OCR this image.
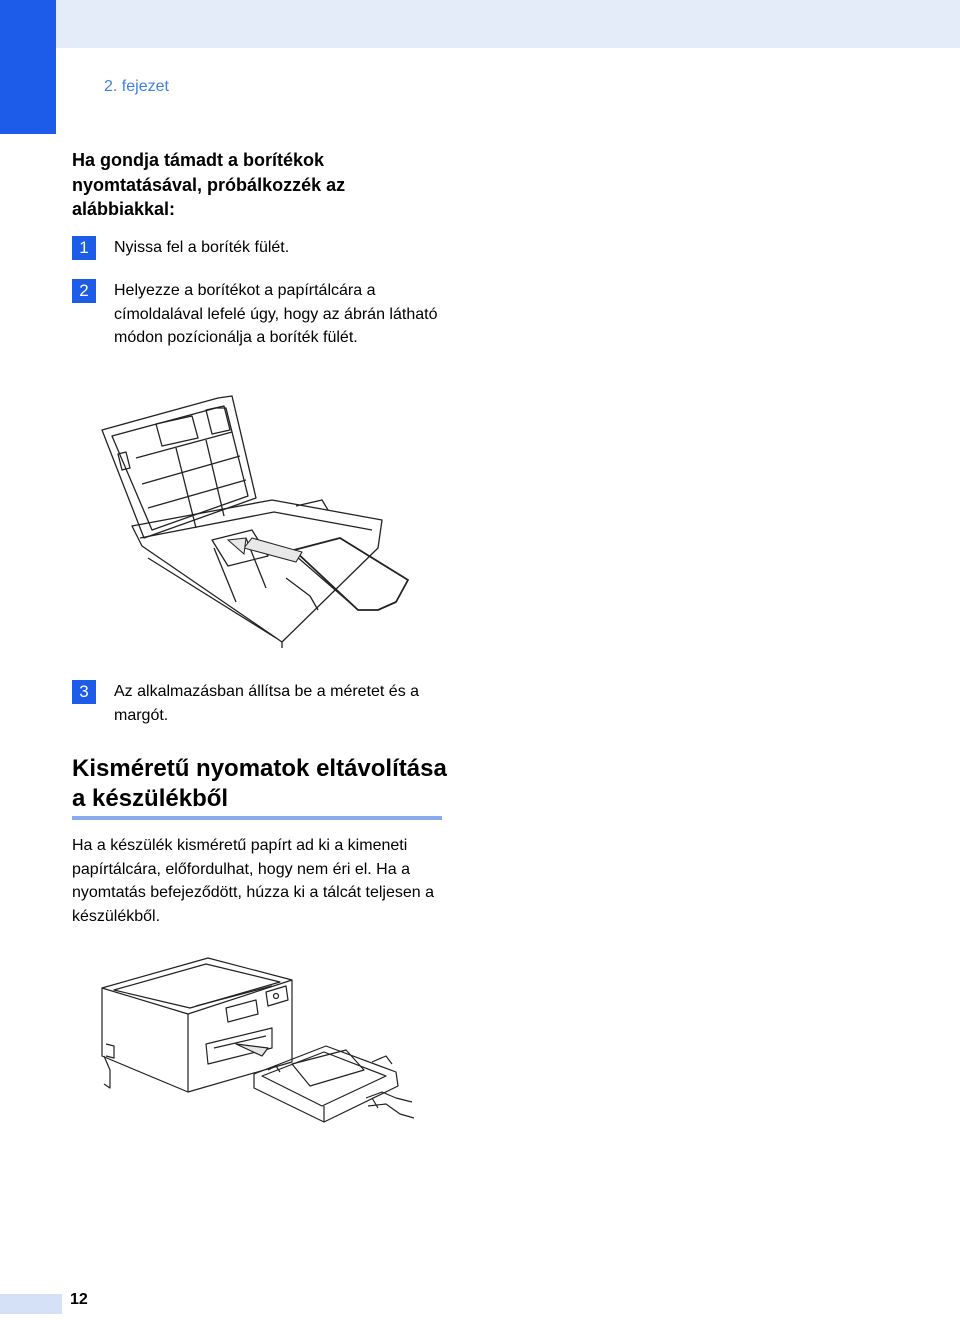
2. fejezet
Ha gondja támadt a borítékok nyomtatásával, próbálkozzék az alábbiakkal:
1	Nyissa fel a boríték fülét.
2	Helyezze a borítékot a papírtálcára a címoldalával lefelé úgy, hogy az ábrán látható módon pozícionálja a boríték fülét.
3	Az alkalmazásban állítsa be a méretet és a margót.
Kisméretű nyomatok eltávolítása a készülékből
Ha a készülék kisméretű papírt ad ki a kimeneti papírtálcára, előfordulhat, hogy nem éri el. Ha a nyomtatás befejeződött, húzza ki a tálcát teljesen a készülékből.
12
